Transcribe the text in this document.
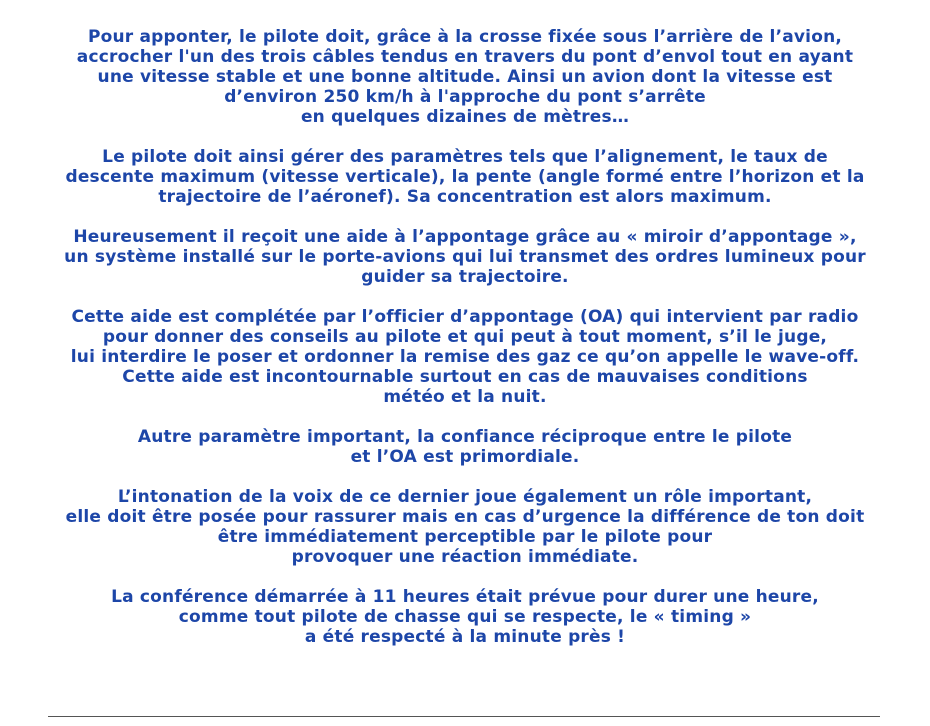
Pour apponter, le pilote doit, grâce à la crosse fixée sous l’arrière de l’avion,
accrocher l'un des trois câbles tendus en travers du pont d’envol tout en ayant
une vitesse stable et une bonne altitude. Ainsi un avion dont la vitesse est
d’environ 250 km/h à l'approche du pont s’arrête
en quelques dizaines de mètres…
Le pilote doit ainsi gérer des paramètres tels que l’alignement, le taux de
descente maximum (vitesse verticale), la pente (angle formé entre l’horizon et la
trajectoire de l’aéronef). Sa concentration est alors maximum.
Heureusement il reçoit une aide à l’appontage grâce au « miroir d’appontage »,
un système installé sur le porte-avions qui lui transmet des ordres lumineux pour
guider sa trajectoire.
Cette aide est complétée par l’officier d’appontage (OA) qui intervient par radio
pour donner des conseils au pilote et qui peut à tout moment, s’il le juge,
lui interdire le poser et ordonner la remise des gaz ce qu’on appelle le wave-off.
Cette aide est incontournable surtout en cas de mauvaises conditions
météo et la nuit.
Autre paramètre important, la confiance réciproque entre le pilote
et l’OA est primordiale.
L’intonation de la voix de ce dernier joue également un rôle important,
elle doit être posée pour rassurer mais en cas d’urgence la différence de ton doit
être immédiatement perceptible par le pilote pour
provoquer une réaction immédiate.
La conférence démarrée à 11 heures était prévue pour durer une heure,
comme tout pilote de chasse qui se respecte, le « timing »
a été respecté à la minute près !
